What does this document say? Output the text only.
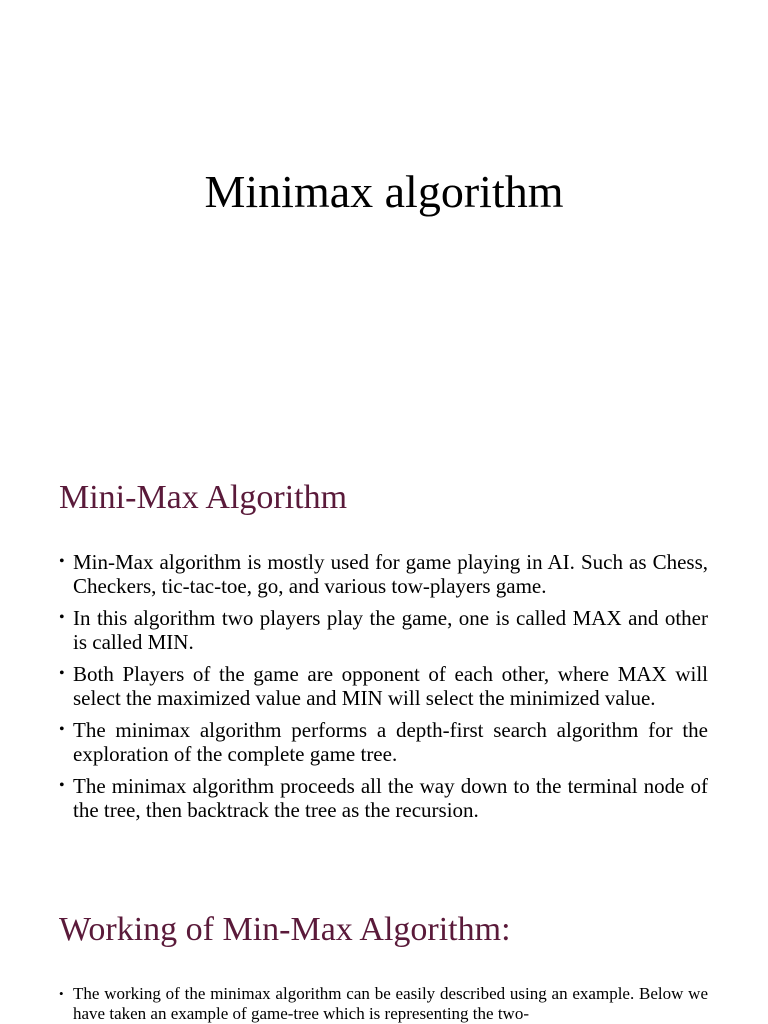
Minimax algorithm
Mini-Max Algorithm
• Min-Max algorithm is mostly used for game playing in AI. Such as Chess, Checkers, tic-tac-toe, go, and various tow-players game.
• In this algorithm two players play the game, one is called MAX and other is called MIN.
• Both Players of the game are opponent of each other, where MAX will select the maximized value and MIN will select the minimized value.
• The minimax algorithm performs a depth-first search algorithm for the exploration of the complete game tree.
• The minimax algorithm proceeds all the way down to the terminal node of the tree, then backtrack the tree as the recursion.
Working of Min-Max Algorithm:
• The working of the minimax algorithm can be easily described using an example. Below we have taken an example of game-tree which is representing the two-
